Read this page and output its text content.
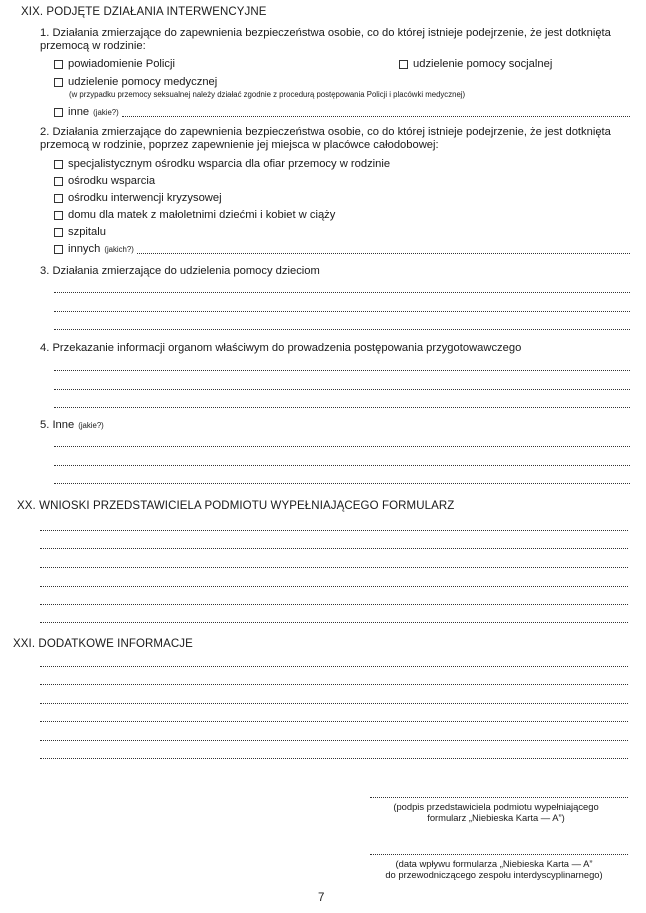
XIX. PODJĘTE DZIAŁANIA INTERWENCYJNE
1. Działania zmierzające do zapewnienia bezpieczeństwa osobie, co do której istnieje podejrzenie, że jest dotknięta przemocą w rodzinie:
powiadomienie Policji	udzielenie pomocy socjalnej
udzielenie pomocy medycznej
(w przypadku przemocy seksualnej należy działać zgodnie z procedurą postępowania Policji i placówki medycznej)
inne (jakie?)
2. Działania zmierzające do zapewnienia bezpieczeństwa osobie, co do której istnieje podejrzenie, że jest dotknięta przemocą w rodzinie, poprzez zapewnienie jej miejsca w placówce całodobowej:
specjalistycznym ośrodku wsparcia dla ofiar przemocy w rodzinie
ośrodku wsparcia
ośrodku interwencji kryzysowej
domu dla matek z małoletnimi dziećmi i kobiet w ciąży
szpitalu
innych (jakich?)
3. Działania zmierzające do udzielenia pomocy dzieciom
4. Przekazanie informacji organom właściwym do prowadzenia postępowania przygotowawczego
5. Inne (jakie?)
XX. WNIOSKI PRZEDSTAWICIELA PODMIOTU WYPEŁNIAJĄCEGO FORMULARZ
XXI. DODATKOWE INFORMACJE
(podpis przedstawiciela podmiotu wypełniającego
formularz „Niebieska Karta — A”)
(data wpływu formularza „Niebieska Karta — A”
do przewodniczącego zespołu interdyscyplinarnego)
7
